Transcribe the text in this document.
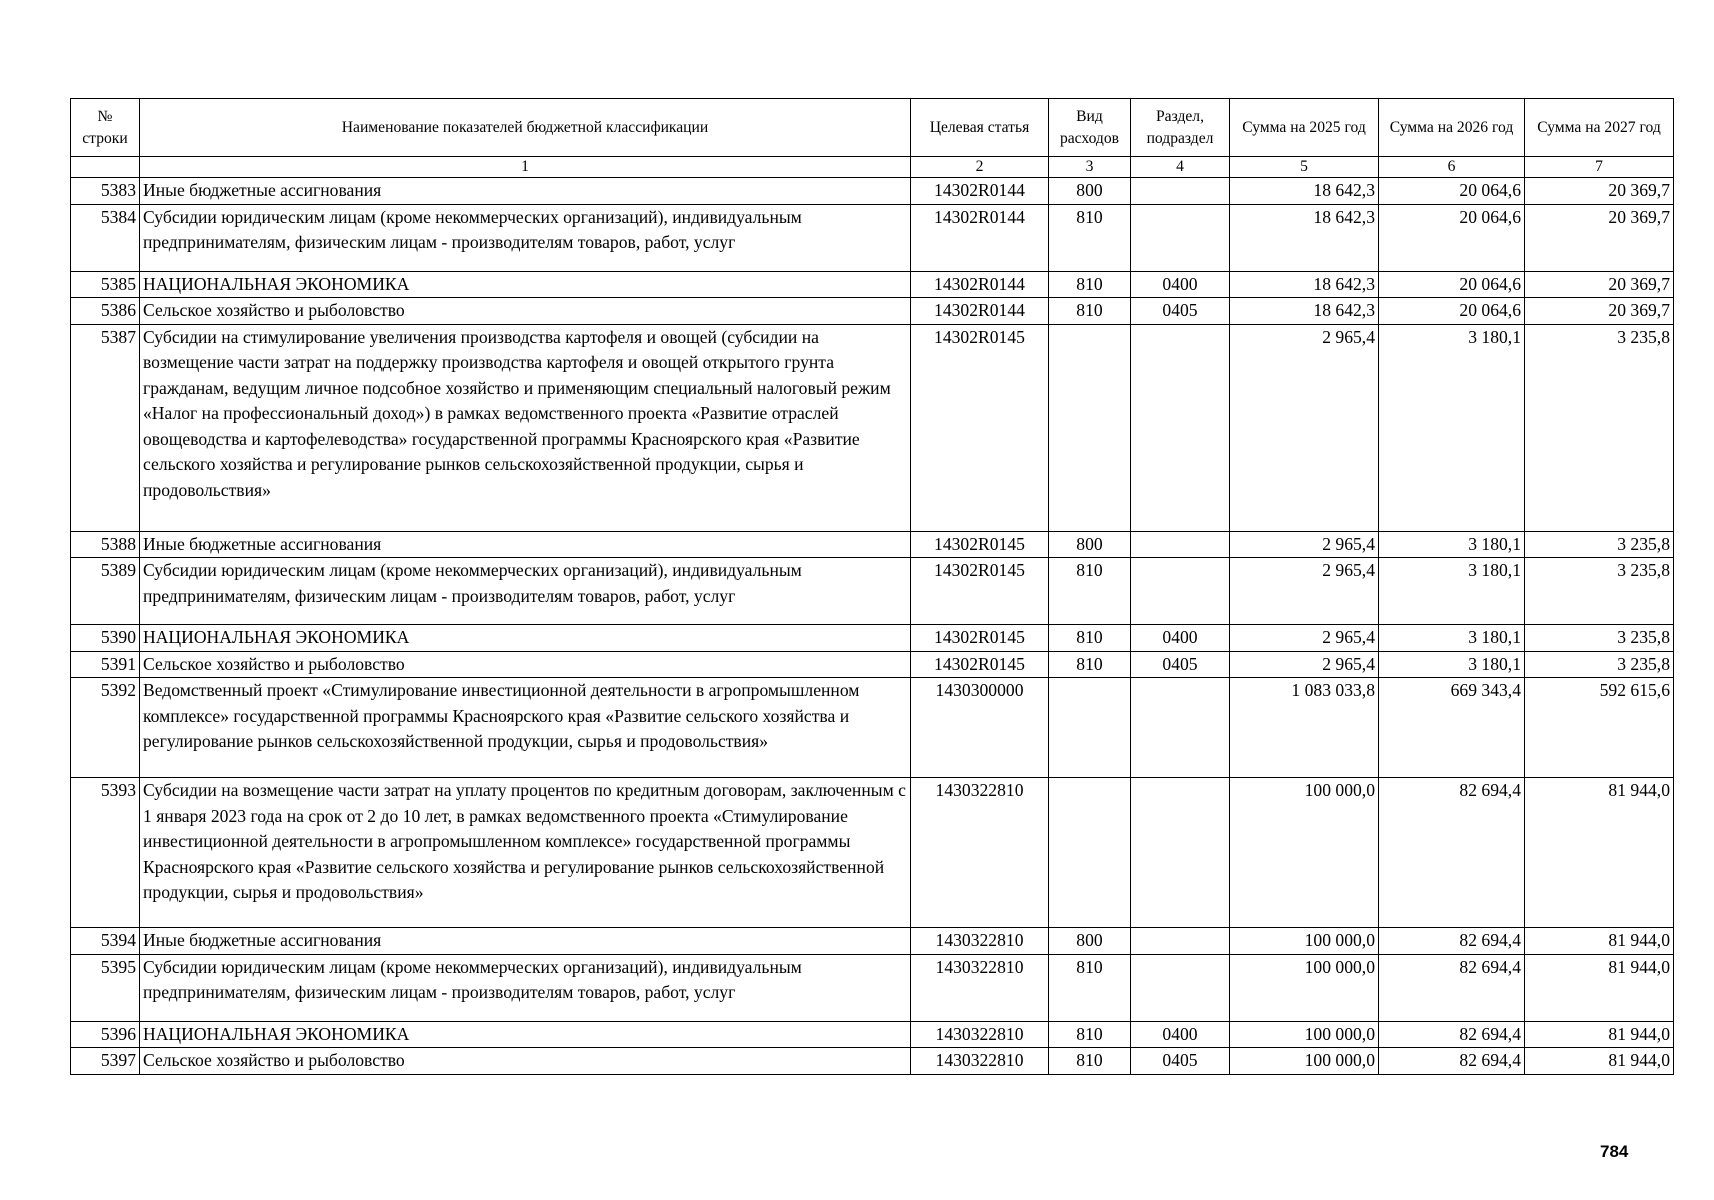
№ строки	Наименование показателей бюджетной классификации	Целевая статья	Вид расходов	Раздел, подраздел	Сумма на 2025 год	Сумма на 2026 год	Сумма на 2027 год
	1	2	3	4	5	6	7
5383	Иные бюджетные ассигнования	14302R0144	800		18 642,3	20 064,6	20 369,7
5384	Субсидии юридическим лицам (кроме некоммерческих организаций), индивидуальным предпринимателям, физическим лицам - производителям товаров, работ, услуг	14302R0144	810		18 642,3	20 064,6	20 369,7
5385	НАЦИОНАЛЬНАЯ ЭКОНОМИКА	14302R0144	810	0400	18 642,3	20 064,6	20 369,7
5386	Сельское хозяйство и рыболовство	14302R0144	810	0405	18 642,3	20 064,6	20 369,7
5387	Субсидии на стимулирование увеличения производства картофеля и овощей (субсидии на возмещение части затрат на поддержку производства картофеля и овощей открытого грунта гражданам, ведущим личное подсобное хозяйство и применяющим специальный налоговый режим «Налог на профессиональный доход») в рамках ведомственного проекта «Развитие отраслей овощеводства и картофелеводства» государственной программы Красноярского края «Развитие сельского хозяйства и регулирование рынков сельскохозяйственной продукции, сырья и продовольствия»	14302R0145			2 965,4	3 180,1	3 235,8
5388	Иные бюджетные ассигнования	14302R0145	800		2 965,4	3 180,1	3 235,8
5389	Субсидии юридическим лицам (кроме некоммерческих организаций), индивидуальным предпринимателям, физическим лицам - производителям товаров, работ, услуг	14302R0145	810		2 965,4	3 180,1	3 235,8
5390	НАЦИОНАЛЬНАЯ ЭКОНОМИКА	14302R0145	810	0400	2 965,4	3 180,1	3 235,8
5391	Сельское хозяйство и рыболовство	14302R0145	810	0405	2 965,4	3 180,1	3 235,8
5392	Ведомственный проект «Стимулирование инвестиционной деятельности в агропромышленном комплексе» государственной программы Красноярского края «Развитие сельского хозяйства и регулирование рынков сельскохозяйственной продукции, сырья и продовольствия»	1430300000			1 083 033,8	669 343,4	592 615,6
5393	Субсидии на возмещение части затрат на уплату процентов по кредитным договорам, заключенным с 1 января 2023 года на срок от 2 до 10 лет, в рамках ведомственного проекта «Стимулирование инвестиционной деятельности в агропромышленном комплексе» государственной программы Красноярского края «Развитие сельского хозяйства и регулирование рынков сельскохозяйственной продукции, сырья и продовольствия»	1430322810			100 000,0	82 694,4	81 944,0
5394	Иные бюджетные ассигнования	1430322810	800		100 000,0	82 694,4	81 944,0
5395	Субсидии юридическим лицам (кроме некоммерческих организаций), индивидуальным предпринимателям, физическим лицам - производителям товаров, работ, услуг	1430322810	810		100 000,0	82 694,4	81 944,0
5396	НАЦИОНАЛЬНАЯ ЭКОНОМИКА	1430322810	810	0400	100 000,0	82 694,4	81 944,0
5397	Сельское хозяйство и рыболовство	1430322810	810	0405	100 000,0	82 694,4	81 944,0
784
